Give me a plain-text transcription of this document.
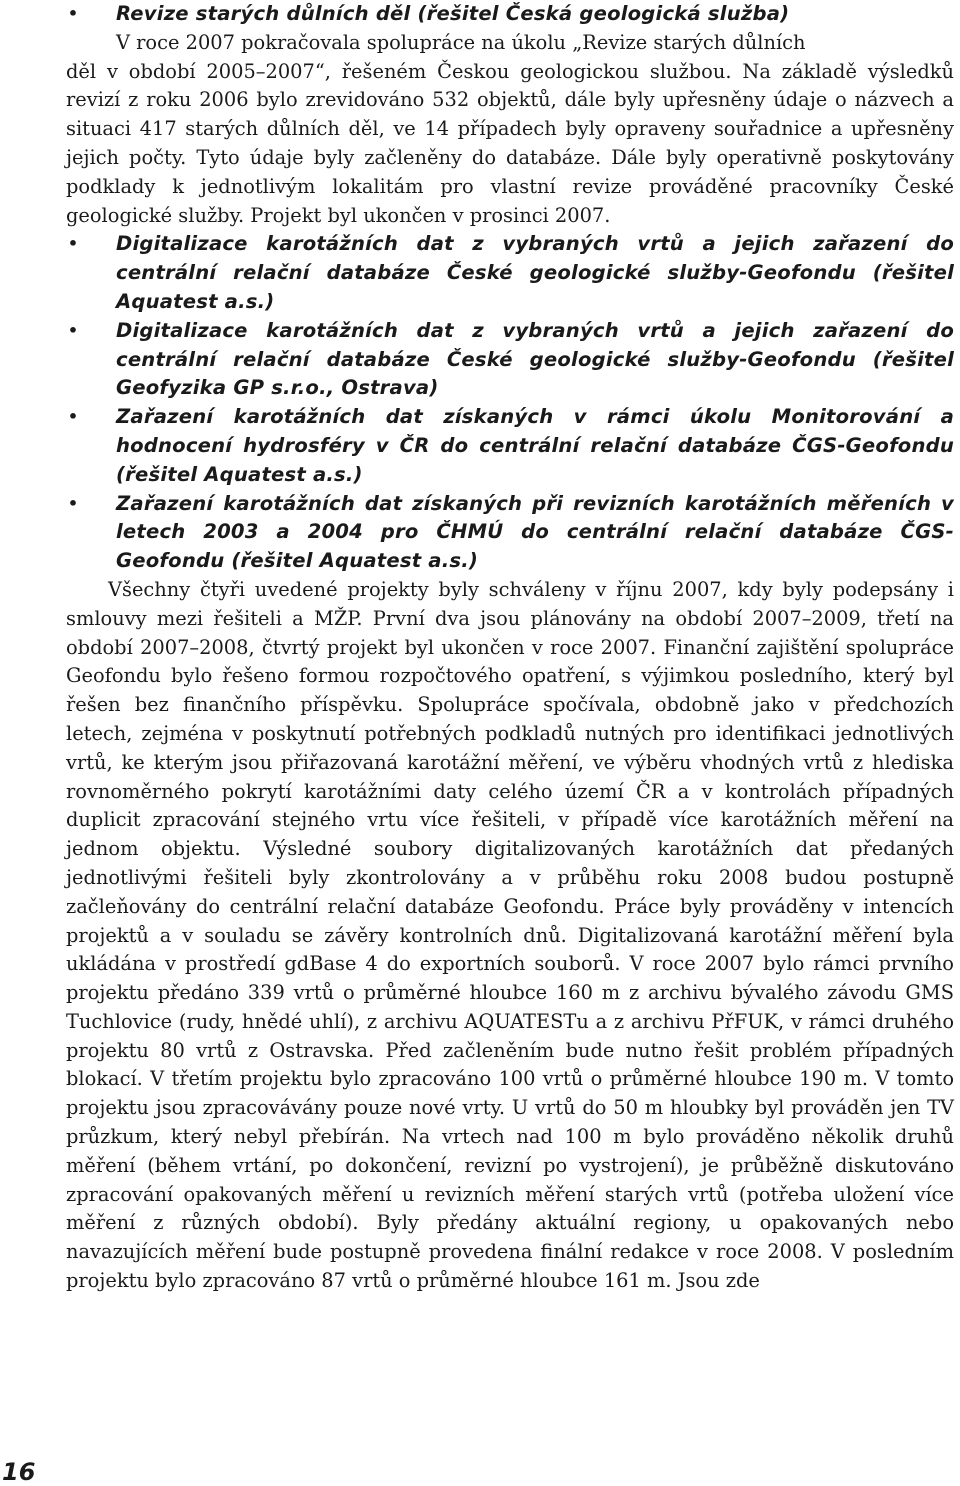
• Revize starých důlních děl (řešitel Česká geologická služba)

V roce 2007 pokračovala spolupráce na úkolu „Revize starých důlních

děl v období 2005–2007“, řešeném Českou geologickou službou. Na základě výsledků revizí z roku 2006 bylo zrevidováno 532 objektů, dále byly upřesněny údaje o názvech a situaci 417 starých důlních děl, ve 14 případech byly opraveny souřadnice a upřesněny jejich počty. Tyto údaje byly začleněny do databáze. Dále byly operativně poskytovány podklady k jednotlivým lokalitám pro vlastní revize prováděné pracovníky České geologické služby. Projekt byl ukončen v prosinci 2007.

• Digitalizace karotážních dat z vybraných vrtů a jejich zařazení do centrální relační databáze České geologické služby-Geofondu (řešitel Aquatest a.s.)
• Digitalizace karotážních dat z vybraných vrtů a jejich zařazení do centrální relační databáze České geologické služby-Geofondu (řešitel Geofyzika GP s.r.o., Ostrava)
• Zařazení karotážních dat získaných v rámci úkolu Monitorování a hodnocení hydrosféry v ČR do centrální relační databáze ČGS-Geofondu (řešitel Aquatest a.s.)
• Zařazení karotážních dat získaných při revizních karotážních měřeních v letech 2003 a 2004 pro ČHMÚ do centrální relační databáze ČGS-Geofondu (řešitel Aquatest a.s.)

Všechny čtyři uvedené projekty byly schváleny v říjnu 2007, kdy byly podepsány i smlouvy mezi řešiteli a MŽP. První dva jsou plánovány na období 2007–2009, třetí na období 2007–2008, čtvrtý projekt byl ukončen v roce 2007. Finanční zajištění spolupráce Geofondu bylo řešeno formou rozpočtového opatření, s výjimkou posledního, který byl řešen bez finančního příspěvku. Spolupráce spočívala, obdobně jako v předchozích letech, zejména v poskytnutí potřebných podkladů nutných pro identifikaci jednotlivých vrtů, ke kterým jsou přiřazovaná karotážní měření, ve výběru vhodných vrtů z hlediska rovnoměrného pokrytí karotážními daty celého území ČR a v kontrolách případných duplicit zpracování stejného vrtu více řešiteli, v případě více karotážních měření na jednom objektu. Výsledné soubory digitalizovaných karotážních dat předaných jednotlivými řešiteli byly zkontrolovány a v průběhu roku 2008 budou postupně začleňovány do centrální relační databáze Geofondu. Práce byly prováděny v intencích projektů a v souladu se závěry kontrolních dnů. Digitalizovaná karotážní měření byla ukládána v prostředí gdBase 4 do exportních souborů. V roce 2007 bylo rámci prvního projektu předáno 339 vrtů o průměrné hloubce 160 m z archivu bývalého závodu GMS Tuchlovice (rudy, hnědé uhlí), z archivu AQUATESTu a z archivu PřFUK, v rámci druhého projektu 80 vrtů z Ostravska. Před začleněním bude nutno řešit problém případných blokací. V třetím projektu bylo zpracováno 100 vrtů o průměrné hloubce 190 m. V tomto projektu jsou zpracovávány pouze nové vrty. U vrtů do 50 m hloubky byl prováděn jen TV průzkum, který nebyl přebírán. Na vrtech nad 100 m bylo prováděno několik druhů měření (během vrtání, po dokončení, revizní po vystrojení), je průběžně diskutováno zpracování opakovaných měření u revizních měření starých vrtů (potřeba uložení více měření z různých období). Byly předány aktuální regiony, u opakovaných nebo navazujících měření bude postupně provedena finální redakce v roce 2008. V posledním projektu bylo zpracováno 87 vrtů o průměrné hloubce 161 m. Jsou zde

16
